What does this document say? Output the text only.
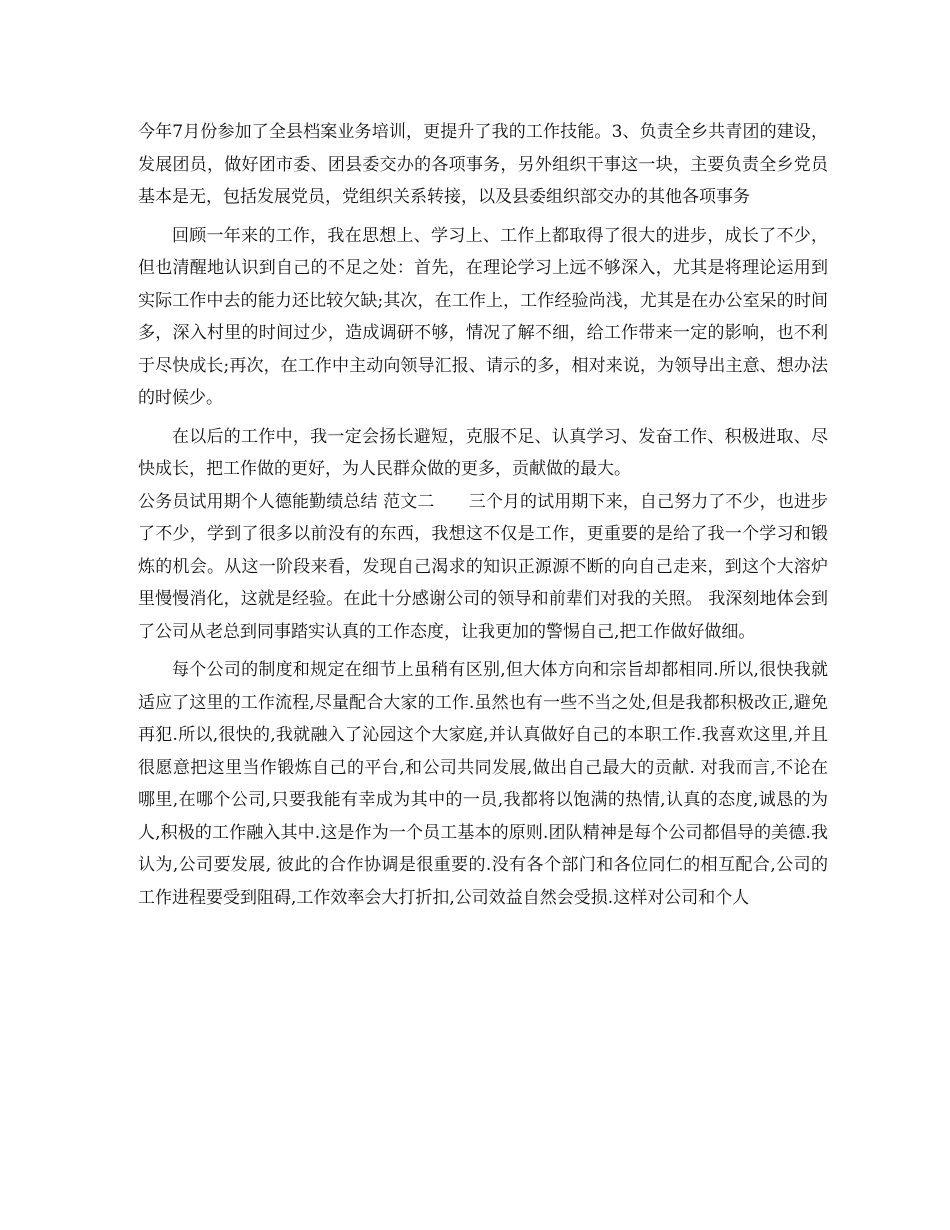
今年7月份参加了全县档案业务培训，更提升了我的工作技能。3、负责全乡共青团的建设，发展团员，做好团市委、团县委交办的各项事务，另外组织干事这一块，主要负责全乡党员基本是无，包括发展党员，党组织关系转接，以及县委组织部交办的其他各项事务

回顾一年来的工作，我在思想上、学习上、工作上都取得了很大的进步，成长了不少，但也清醒地认识到自己的不足之处：首先，在理论学习上远不够深入，尤其是将理论运用到实际工作中去的能力还比较欠缺;其次，在工作上，工作经验尚浅，尤其是在办公室呆的时间多，深入村里的时间过少，造成调研不够，情况了解不细，给工作带来一定的影响，也不利于尽快成长;再次，在工作中主动向领导汇报、请示的多，相对来说，为领导出主意、想办法的时候少。

在以后的工作中，我一定会扬长避短，克服不足、认真学习、发奋工作、积极进取、尽快成长，把工作做的更好，为人民群众做的更多，贡献做的最大。

公务员试用期个人德能勤绩总结 范文二　　三个月的试用期下来，自己努力了不少，也进步了不少，学到了很多以前没有的东西，我想这不仅是工作，更重要的是给了我一个学习和锻炼的机会。从这一阶段来看，发现自己渴求的知识正源源不断的向自己走来，到这个大溶炉里慢慢消化，这就是经验。在此十分感谢公司的领导和前辈们对我的关照。 我深刻地体会到了公司从老总到同事踏实认真的工作态度，让我更加的警惕自己,把工作做好做细。

每个公司的制度和规定在细节上虽稍有区别,但大体方向和宗旨却都相同.所以,很快我就适应了这里的工作流程,尽量配合大家的工作.虽然也有一些不当之处,但是我都积极改正,避免再犯.所以,很快的,我就融入了沁园这个大家庭,并认真做好自己的本职工作.我喜欢这里,并且很愿意把这里当作锻炼自己的平台,和公司共同发展,做出自己最大的贡献. 对我而言,不论在哪里,在哪个公司,只要我能有幸成为其中的一员,我都将以饱满的热情,认真的态度,诚恳的为人,积极的工作融入其中.这是作为一个员工基本的原则.团队精神是每个公司都倡导的美德.我认为,公司要发展, 彼此的合作协调是很重要的.没有各个部门和各位同仁的相互配合,公司的工作进程要受到阻碍,工作效率会大打折扣,公司效益自然会受损.这样对公司和个人
